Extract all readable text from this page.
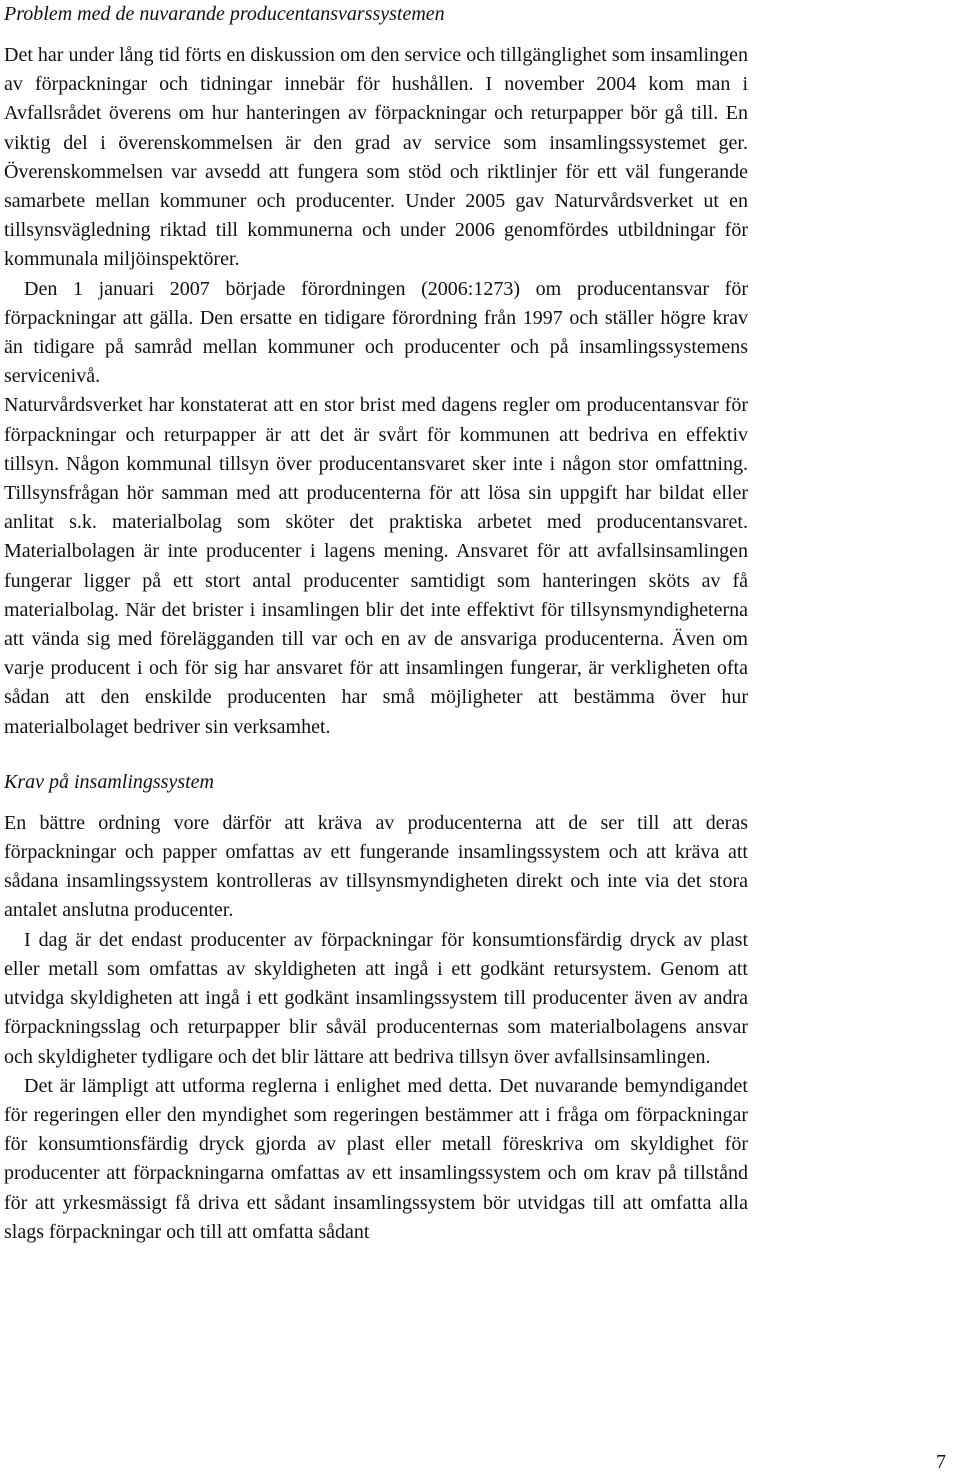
Problem med de nuvarande producentansvarssystemen

Det har under lång tid förts en diskussion om den service och tillgänglighet som insamlingen av förpackningar och tidningar innebär för hushållen. I november 2004 kom man i Avfallsrådet överens om hur hanteringen av förpackningar och returpapper bör gå till. En viktig del i överenskommelsen är den grad av service som insamlingssystemet ger. Överenskommelsen var avsedd att fungera som stöd och riktlinjer för ett väl fungerande samarbete mellan kommuner och producenter. Under 2005 gav Naturvårdsverket ut en tillsynsvägledning riktad till kommunerna och under 2006 genomfördes utbildningar för kommunala miljöinspektörer.

Den 1 januari 2007 började förordningen (2006:1273) om producentansvar för förpackningar att gälla. Den ersatte en tidigare förordning från 1997 och ställer högre krav än tidigare på samråd mellan kommuner och producenter och på insamlingssystemens servicenivå.

Naturvårdsverket har konstaterat att en stor brist med dagens regler om producentansvar för förpackningar och returpapper är att det är svårt för kommunen att bedriva en effektiv tillsyn. Någon kommunal tillsyn över producentansvaret sker inte i någon stor omfattning. Tillsynsfrågan hör samman med att producenterna för att lösa sin uppgift har bildat eller anlitat s.k. materialbolag som sköter det praktiska arbetet med producentansvaret. Materialbolagen är inte producenter i lagens mening. Ansvaret för att avfallsinsamlingen fungerar ligger på ett stort antal producenter samtidigt som hanteringen sköts av få materialbolag. När det brister i insamlingen blir det inte effektivt för tillsynsmyndigheterna att vända sig med förelägganden till var och en av de ansvariga producenterna. Även om varje producent i och för sig har ansvaret för att insamlingen fungerar, är verkligheten ofta sådan att den enskilde producenten har små möjligheter att bestämma över hur materialbolaget bedriver sin verksamhet.

Krav på insamlingssystem

En bättre ordning vore därför att kräva av producenterna att de ser till att deras förpackningar och papper omfattas av ett fungerande insamlingssystem och att kräva att sådana insamlingssystem kontrolleras av tillsynsmyndigheten direkt och inte via det stora antalet anslutna producenter.

I dag är det endast producenter av förpackningar för konsumtionsfärdig dryck av plast eller metall som omfattas av skyldigheten att ingå i ett godkänt retursystem. Genom att utvidga skyldigheten att ingå i ett godkänt insamlingssystem till producenter även av andra förpackningsslag och returpapper blir såväl producenternas som materialbolagens ansvar och skyldigheter tydligare och det blir lättare att bedriva tillsyn över avfallsinsamlingen.

Det är lämpligt att utforma reglerna i enlighet med detta. Det nuvarande bemyndigandet för regeringen eller den myndighet som regeringen bestämmer att i fråga om förpackningar för konsumtionsfärdig dryck gjorda av plast eller metall föreskriva om skyldighet för producenter att förpackningarna omfattas av ett insamlingssystem och om krav på tillstånd för att yrkesmässigt få driva ett sådant insamlingssystem bör utvidgas till att omfatta alla slags förpackningar och till att omfatta sådant

7
